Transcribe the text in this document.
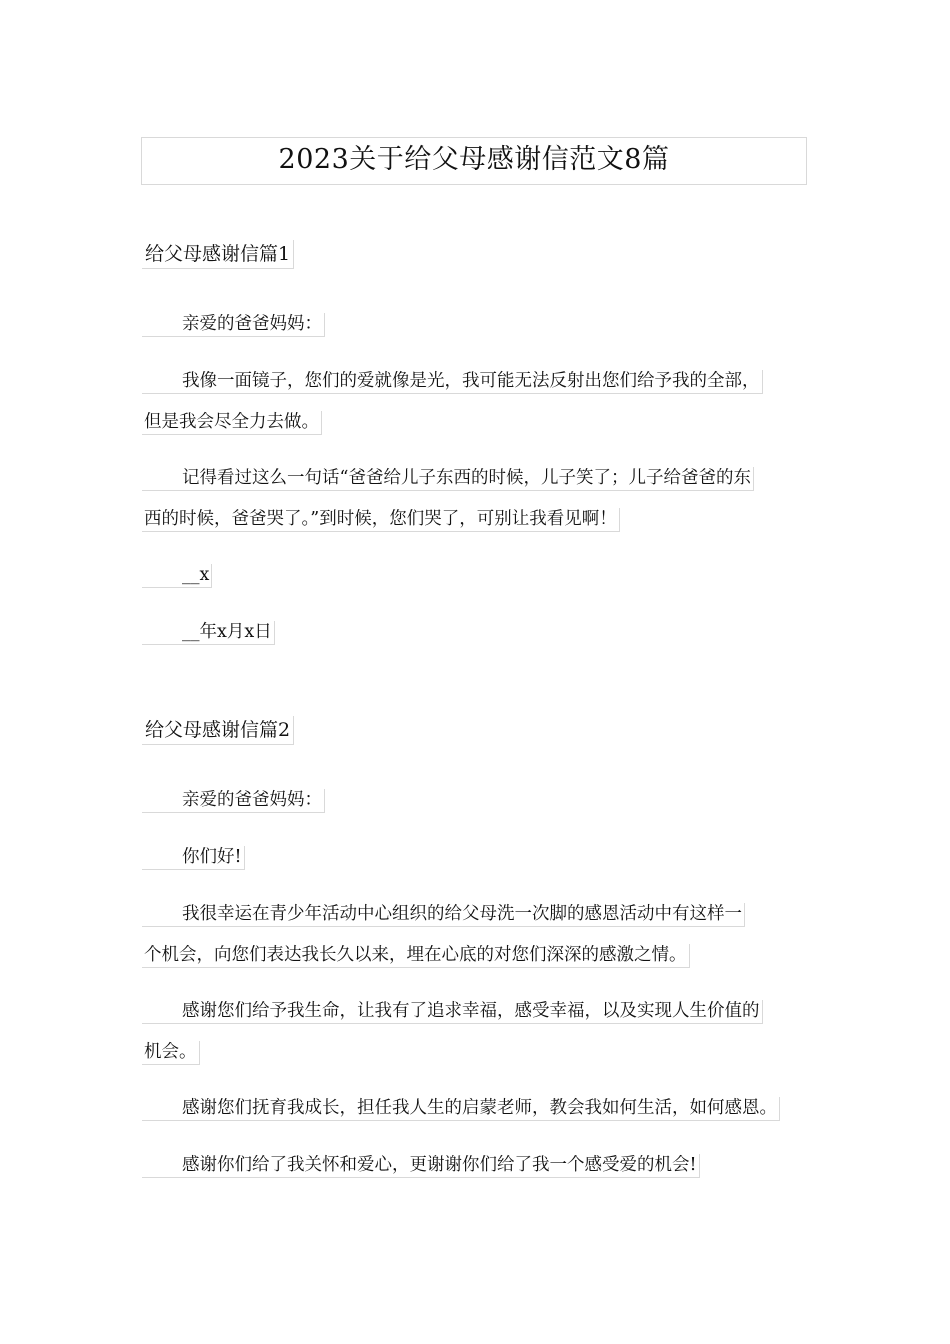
2023关于给父母感谢信范文8篇
给父母感谢信篇1
亲爱的爸爸妈妈：
我像一面镜子，您们的爱就像是光，我可能无法反射出您们给予我的全部，
但是我会尽全力去做。
记得看过这么一句话“爸爸给儿子东西的时候，儿子笑了；儿子给爸爸的东
西的时候，爸爸哭了。”到时候，您们哭了，可别让我看见啊！
__x
__年x月x日
给父母感谢信篇2
亲爱的爸爸妈妈：
你们好!
我很幸运在青少年活动中心组织的给父母洗一次脚的感恩活动中有这样一
个机会，向您们表达我长久以来，埋在心底的对您们深深的感激之情。
感谢您们给予我生命，让我有了追求幸福，感受幸福，以及实现人生价值的
机会。
感谢您们抚育我成长，担任我人生的启蒙老师，教会我如何生活，如何感恩。
感谢你们给了我关怀和爱心，更谢谢你们给了我一个感受爱的机会!
